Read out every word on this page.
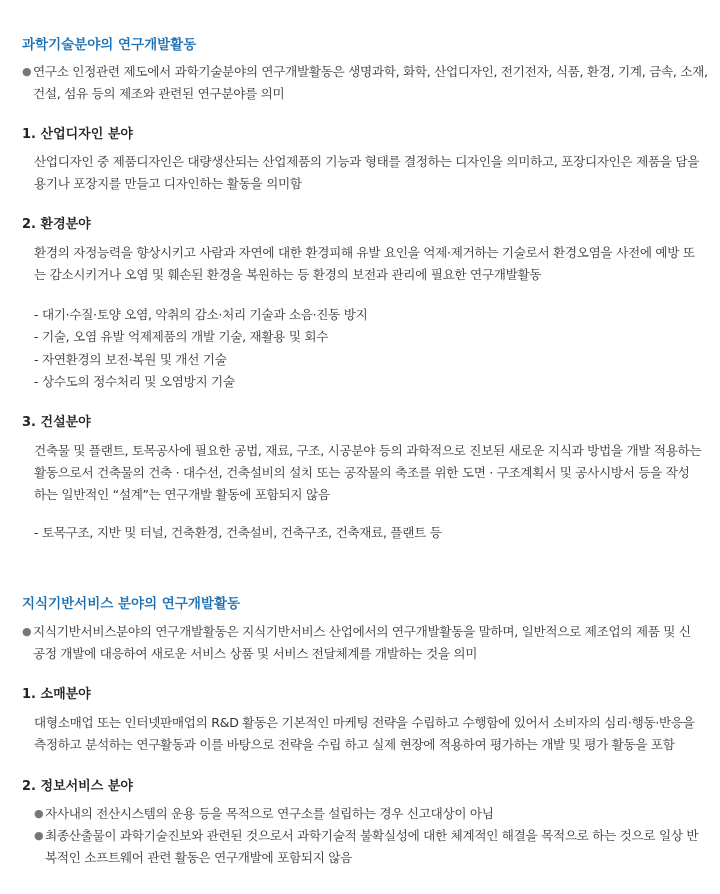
과학기술분야의 연구개발활동
● 연구소 인정관련 제도에서 과학기술분야의 연구개발활동은 생명과학, 화학, 산업디자인, 전기전자, 식품, 환경, 기계, 금속, 소재,
건설, 섬유 등의 제조와 관련된 연구분야를 의미
1. 산업디자인 분야
산업디자인 중 제품디자인은 대량생산되는 산업제품의 기능과 형태를 결정하는 디자인을 의미하고, 포장디자인은 제품을 담을
용기나 포장지를 만들고 디자인하는 활동을 의미함
2. 환경분야
환경의 자정능력을 향상시키고 사람과 자연에 대한 환경피해 유발 요인을 억제·제거하는 기술로서 환경오염을 사전에 예방 또
는 감소시키거나 오염 및 훼손된 환경을 복원하는 등 환경의 보전과 관리에 필요한 연구개발활동
- 대기·수질·토양 오염, 악취의 감소·처리 기술과 소음·진동 방지
- 기술, 오염 유발 억제제품의 개발 기술, 재활용 및 회수
- 자연환경의 보전·복원 및 개선 기술
- 상수도의 정수처리 및 오염방지 기술
3. 건설분야
건축물 및 플랜트, 토목공사에 필요한 공법, 재료, 구조, 시공분야 등의 과학적으로 진보된 새로운 지식과 방법을 개발 적용하는
활동으로서 건축물의 건축 · 대수선, 건축설비의 설치 또는 공작물의 축조를 위한 도면 · 구조계획서 및 공사시방서 등을 작성
하는 일반적인 “설계”는 연구개발 활동에 포함되지 않음
- 토목구조, 지반 및 터널, 건축환경, 건축설비, 건축구조, 건축재료, 플랜트 등
지식기반서비스 분야의 연구개발활동
● 지식기반서비스분야의 연구개발활동은 지식기반서비스 산업에서의 연구개발활동을 말하며, 일반적으로 제조업의 제품 및 신
공정 개발에 대응하여 새로운 서비스 상품 및 서비스 전달체계를 개발하는 것을 의미
1. 소매분야
대형소매업 또는 인터넷판매업의 R&D 활동은 기본적인 마케팅 전략을 수립하고 수행함에 있어서 소비자의 심리·행동·반응을
측정하고 분석하는 연구활동과 이를 바탕으로 전략을 수립 하고 실제 현장에 적용하여 평가하는 개발 및 평가 활동을 포함
2. 정보서비스 분야
● 자사내의 전산시스템의 운용 등을 목적으로 연구소를 설립하는 경우 신고대상이 아님
● 최종산출물이 과학기술진보와 관련된 것으로서 과학기술적 불확실성에 대한 체계적인 해결을 목적으로 하는 것으로 일상 반
복적인 소프트웨어 관련 활동은 연구개발에 포함되지 않음
